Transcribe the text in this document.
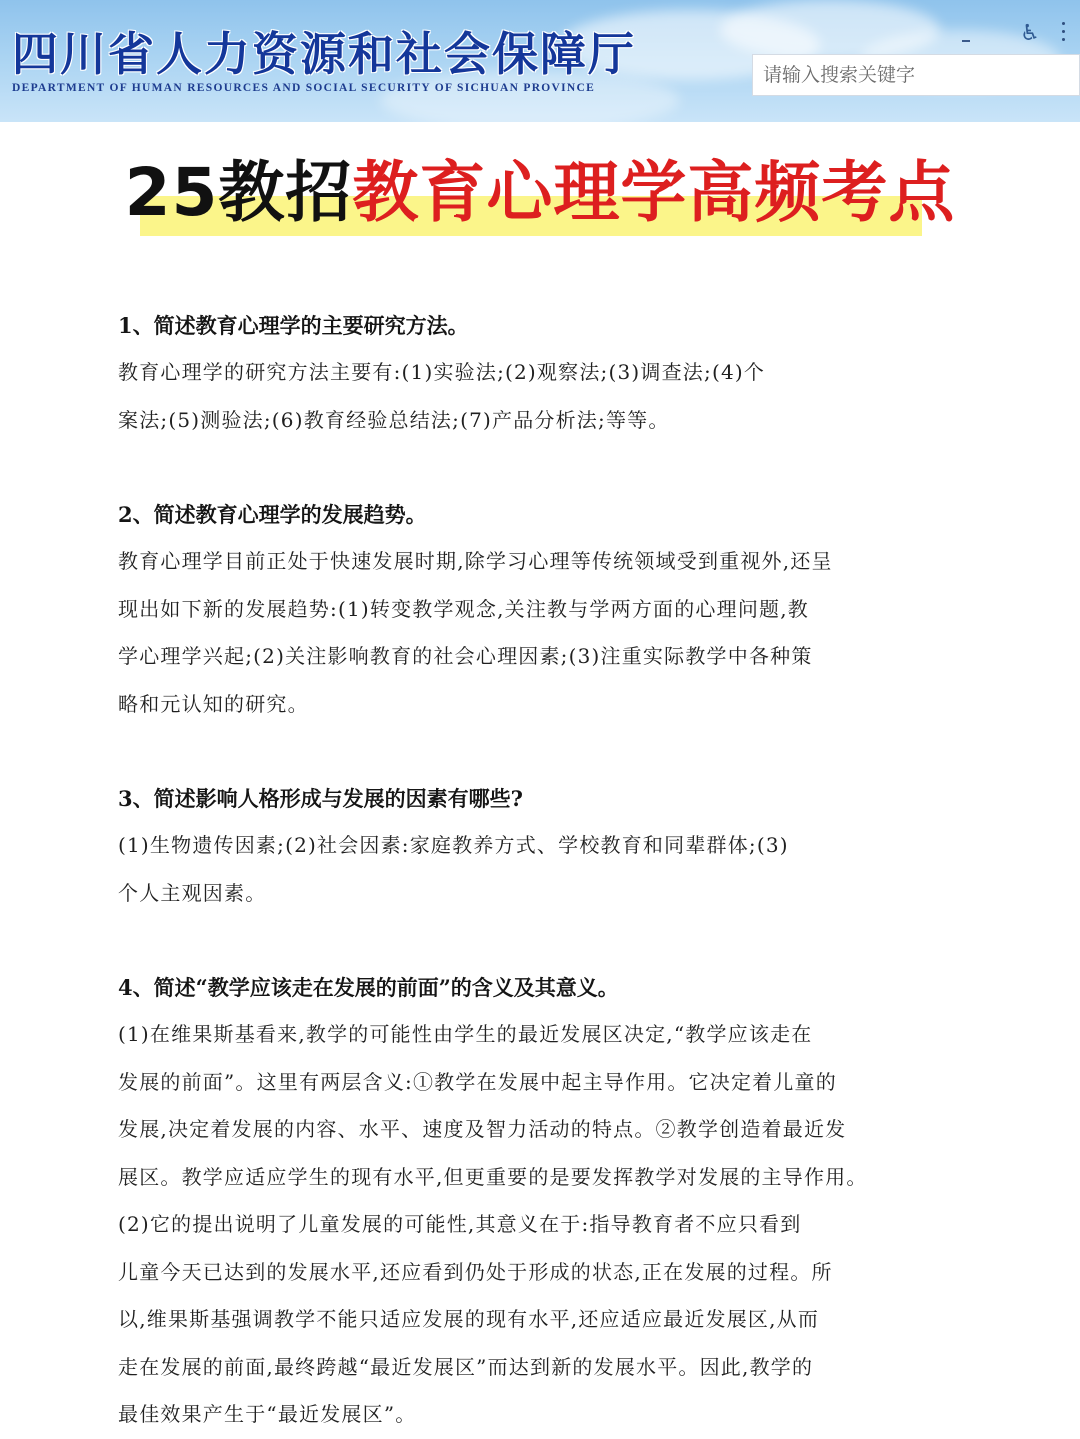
四川省人力资源和社会保障厅
DEPARTMENT OF HUMAN RESOURCES AND SOCIAL SECURITY OF SICHUAN PROVINCE
♿
请输入搜索关键字
25教招教育心理学高频考点
1、简述教育心理学的主要研究方法。
教育心理学的研究方法主要有:(1)实验法;(2)观察法;(3)调查法;(4)个
案法;(5)测验法;(6)教育经验总结法;(7)产品分析法;等等。
2、简述教育心理学的发展趋势。
教育心理学目前正处于快速发展时期,除学习心理等传统领域受到重视外,还呈
现出如下新的发展趋势:(1)转变教学观念,关注教与学两方面的心理问题,教
学心理学兴起;(2)关注影响教育的社会心理因素;(3)注重实际教学中各种策
略和元认知的研究。
3、简述影响人格形成与发展的因素有哪些?
(1)生物遗传因素;(2)社会因素:家庭教养方式、学校教育和同辈群体;(3)
个人主观因素。
4、简述“教学应该走在发展的前面”的含义及其意义。
(1)在维果斯基看来,教学的可能性由学生的最近发展区决定,“教学应该走在
发展的前面”。这里有两层含义:①教学在发展中起主导作用。它决定着儿童的
发展,决定着发展的内容、水平、速度及智力活动的特点。②教学创造着最近发
展区。教学应适应学生的现有水平,但更重要的是要发挥教学对发展的主导作用。
(2)它的提出说明了儿童发展的可能性,其意义在于:指导教育者不应只看到
儿童今天已达到的发展水平,还应看到仍处于形成的状态,正在发展的过程。所
以,维果斯基强调教学不能只适应发展的现有水平,还应适应最近发展区,从而
走在发展的前面,最终跨越“最近发展区”而达到新的发展水平。因此,教学的
最佳效果产生于“最近发展区”。
